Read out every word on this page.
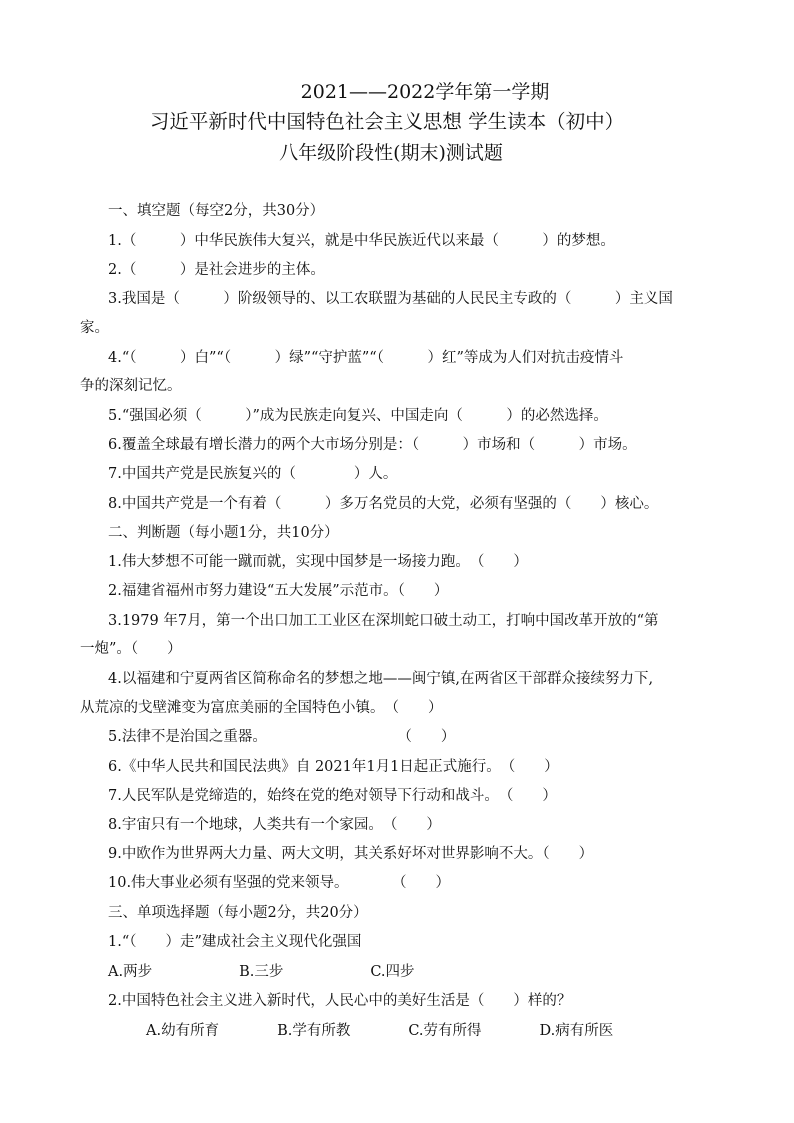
2021——2022学年第一学期
习近平新时代中国特色社会主义思想 学生读本（初中）
八年级阶段性(期末)测试题
一、填空题（每空2分，共30分）
1.（　　　）中华民族伟大复兴，就是中华民族近代以来最（　　　）的梦想。
2.（　　　）是社会进步的主体。
3.我国是（　　　）阶级领导的、以工农联盟为基础的人民民主专政的（　　　）主义国
家。
4.“（　　　）白”“（　　　）绿”“守护蓝”“（　　　）红”等成为人们对抗击疫情斗
争的深刻记忆。
5.“强国必须（　　　）”成为民族走向复兴、中国走向（　　　）的必然选择。
6.覆盖全球最有增长潜力的两个大市场分别是：（　　　）市场和（　　　）市场。
7.中国共产党是民族复兴的（　　　　）人。
8.中国共产党是一个有着（　　　）多万名党员的大党，必须有坚强的（　　）核心。
二、判断题（每小题1分，共10分）
1.伟大梦想不可能一蹴而就，实现中国梦是一场接力跑。　（　　）
2.福建省福州市努力建设“五大发展”示范市。（　　）
3.1979 年7月，第一个出口加工工业区在深圳蛇口破土动工，打响中国改革开放的“第
一炮”。（　　）
4.以福建和宁夏两省区简称命名的梦想之地——闽宁镇,在两省区干部群众接续努力下,
从荒凉的戈壁滩变为富庶美丽的全国特色小镇。　（　　）
5.法律不是治国之重器。　　　　　　　　　　（　　）
6.《中华人民共和国民法典》自 2021年1月1日起正式施行。　（　　）
7.人民军队是党缔造的，始终在党的绝对领导下行动和战斗。　（　　）
8.宇宙只有一个地球，人类共有一个家园。　（　　）
9.中欧作为世界两大力量、两大文明，其关系好坏对世界影响不大。（　　）
10.伟大事业必须有坚强的党来领导。　　　　（　　）
三、单项选择题（每小题2分，共20分）
1.“（　　）走”建成社会主义现代化强国
A.两步　　　　　　B.三步　　　　　　C.四步
2.中国特色社会主义进入新时代，人民心中的美好生活是（　　）样的？
A.幼有所育　　　　B.学有所教　　　　C.劳有所得　　　　D.病有所医
